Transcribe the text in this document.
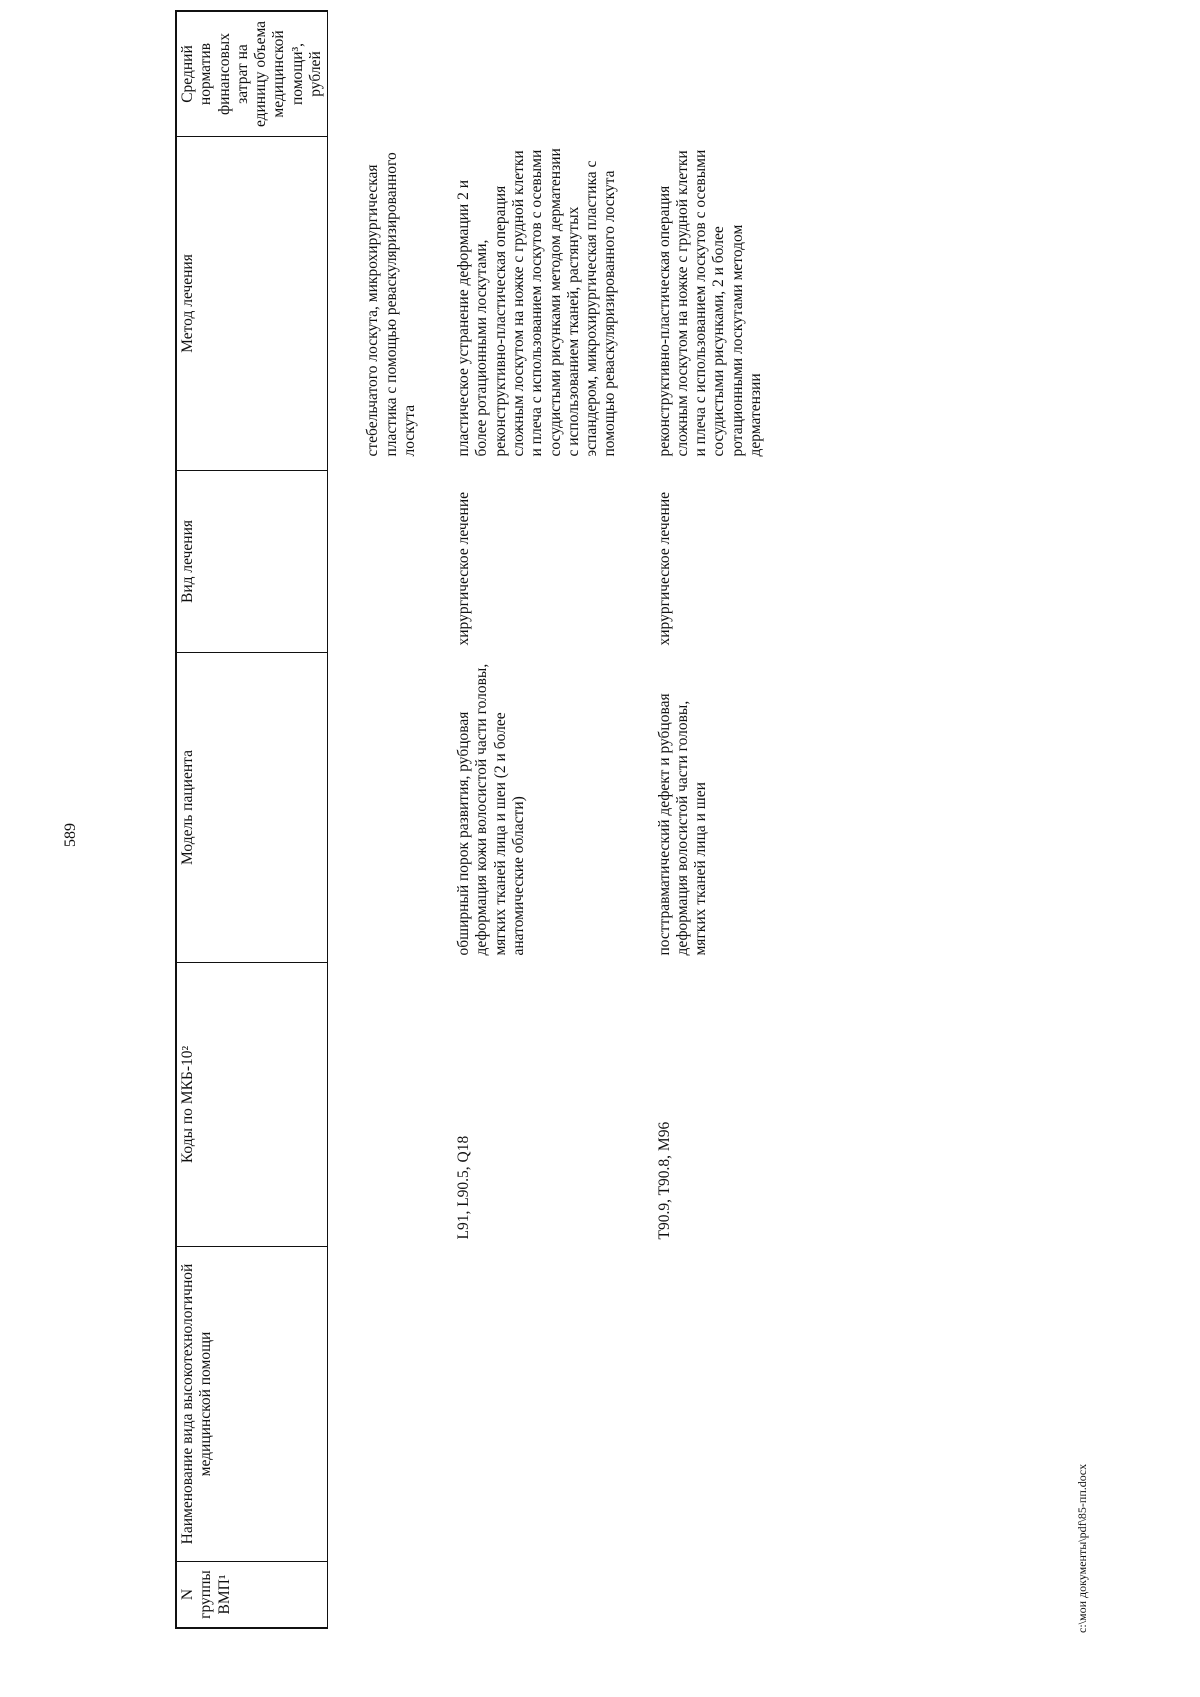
589
N группы ВМП¹	Наименование вида высокотехнологичной медицинской помощи	Коды по МКБ-10²	Модель пациента	Вид лечения	Метод лечения	Средний норматив финансовых затрат на единицу объема медицинской помощи³, рублей
					стебельчатого лоскута, микрохирургическая пластика с помощью реваскуляризированного лоскута	
		L91, L90.5, Q18	обширный порок развития, рубцовая деформация кожи волосистой части головы, мягких тканей лица и шеи (2 и более анатомические области)	хирургическое лечение	пластическое устранение деформации 2 и более ротационными лоскутами, реконструктивно-пластическая операция сложным лоскутом на ножке с грудной клетки и плеча с использованием лоскутов с осевыми сосудистыми рисунками методом дерматензии с использованием тканей, растянутых эспандером, микрохирургическая пластика с помощью реваскуляризированного лоскута	
		T90.9, T90.8, M96	посттравматический дефект и рубцовая деформация волосистой части головы, мягких тканей лица и шеи	хирургическое лечение	реконструктивно-пластическая операция сложным лоскутом на ножке с грудной клетки и плеча с использованием лоскутов с осевыми сосудистыми рисунками, 2 и более ротационными лоскутами методом дерматензии	
c:\мои документы\pdf\85-пп.docx
